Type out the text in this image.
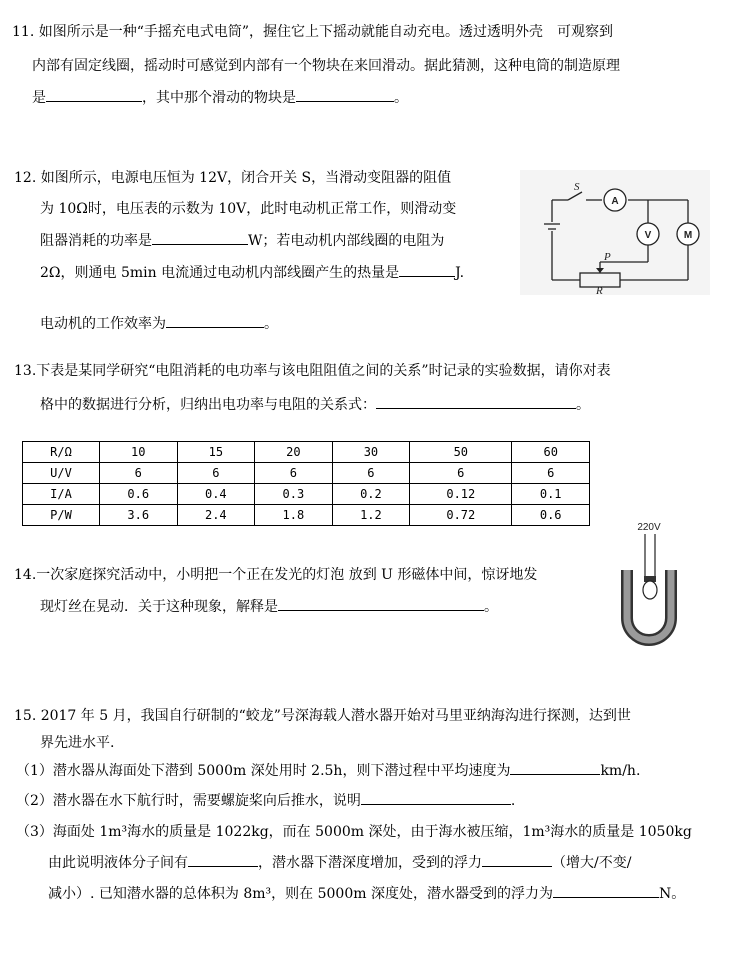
11. 如图所示是一种“手摇充电式电筒”，握住它上下摇动就能自动充电。透过透明外壳　可观察到
内部有固定线圈，摇动时可感觉到内部有一个物块在来回滑动。据此猜测，这种电筒的制造原理
是	，其中那个滑动的物块是	。
12. 如图所示，电源电压恒为 12V，闭合开关 S，当滑动变阻器的阻值
为 10Ω时，电压表的示数为 10V，此时电动机正常工作，则滑动变
阻器消耗的功率是	W；若电动机内部线圈的电阻为
2Ω，则通电 5min 电流通过电动机内部线圈产生的热量是	J.
电动机的工作效率为	。
A
V	M
S
P
R
13.下表是某同学研究“电阻消耗的电功率与该电阻阻值之间的关系”时记录的实验数据，请你对表
格中的数据进行分析，归纳出电功率与电阻的关系式：	。
R/Ω	10	15	20	30	50	60
U/V	6	6	6	6	6	6
I/A	0.6	0.4	0.3	0.2	0.12	0.1
P/W	3.6	2.4	1.8	1.2	0.72	0.6
14.一次家庭探究活动中，小明把一个正在发光的灯泡 放到 U 形磁体中间，惊讶地发
现灯丝在晃动．关于这种现象，解释是	。
220V
15. 2017 年 5 月，我国自行研制的“蛟龙”号深海载人潜水器开始对马里亚纳海沟进行探测，达到世
界先进水平.
（1）潜水器从海面处下潜到 5000m 深处用时 2.5h，则下潜过程中平均速度为	km/h.
（2）潜水器在水下航行时，需要螺旋桨向后推水，说明	.
（3）海面处 1m³海水的质量是 1022kg，而在 5000m 深处，由于海水被压缩，1m³海水的质量是 1050kg
由此说明液体分子间有	，潜水器下潜深度增加，受到的浮力	（增大/不变/
减小）. 已知潜水器的总体积为 8m³，则在 5000m 深度处，潜水器受到的浮力为	N。
